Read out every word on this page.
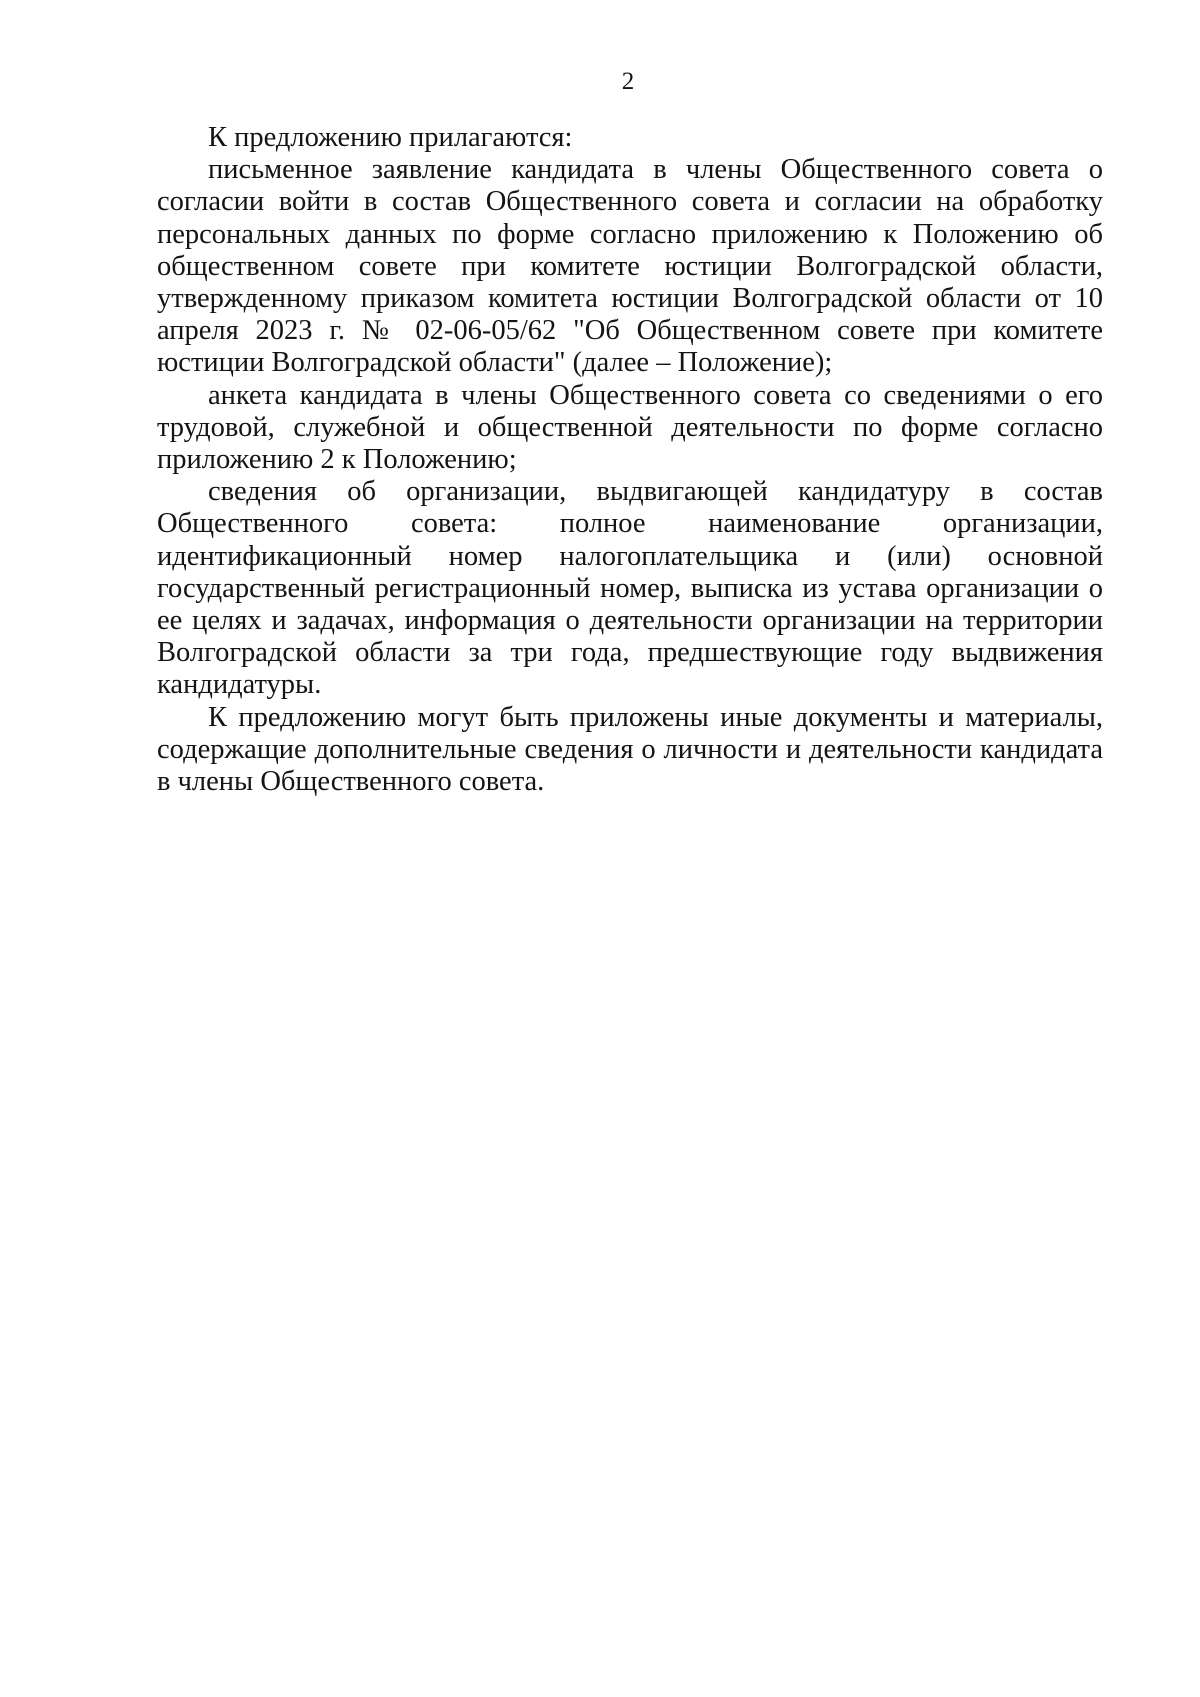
2

К предложению прилагаются:

письменное заявление кандидата в члены Общественного совета о согласии войти в состав Общественного совета и согласии на обработку персональных данных по форме согласно приложению к Положению об общественном совете при комитете юстиции Волгоградской области, утвержденному приказом комитета юстиции Волгоградской области от 10 апреля 2023 г. № 02-06-05/62 "Об Общественном совете при комитете юстиции Волгоградской области" (далее – Положение);

анкета кандидата в члены Общественного совета со сведениями о его трудовой, служебной и общественной деятельности по форме согласно приложению 2 к Положению;

сведения об организации, выдвигающей кандидатуру в состав Общественного совета: полное наименование организации, идентификационный номер налогоплательщика и (или) основной государственный регистрационный номер, выписка из устава организации о ее целях и задачах, информация о деятельности организации на территории Волгоградской области за три года, предшествующие году выдвижения кандидатуры.

К предложению могут быть приложены иные документы и материалы, содержащие дополнительные сведения о личности и деятельности кандидата в члены Общественного совета.
